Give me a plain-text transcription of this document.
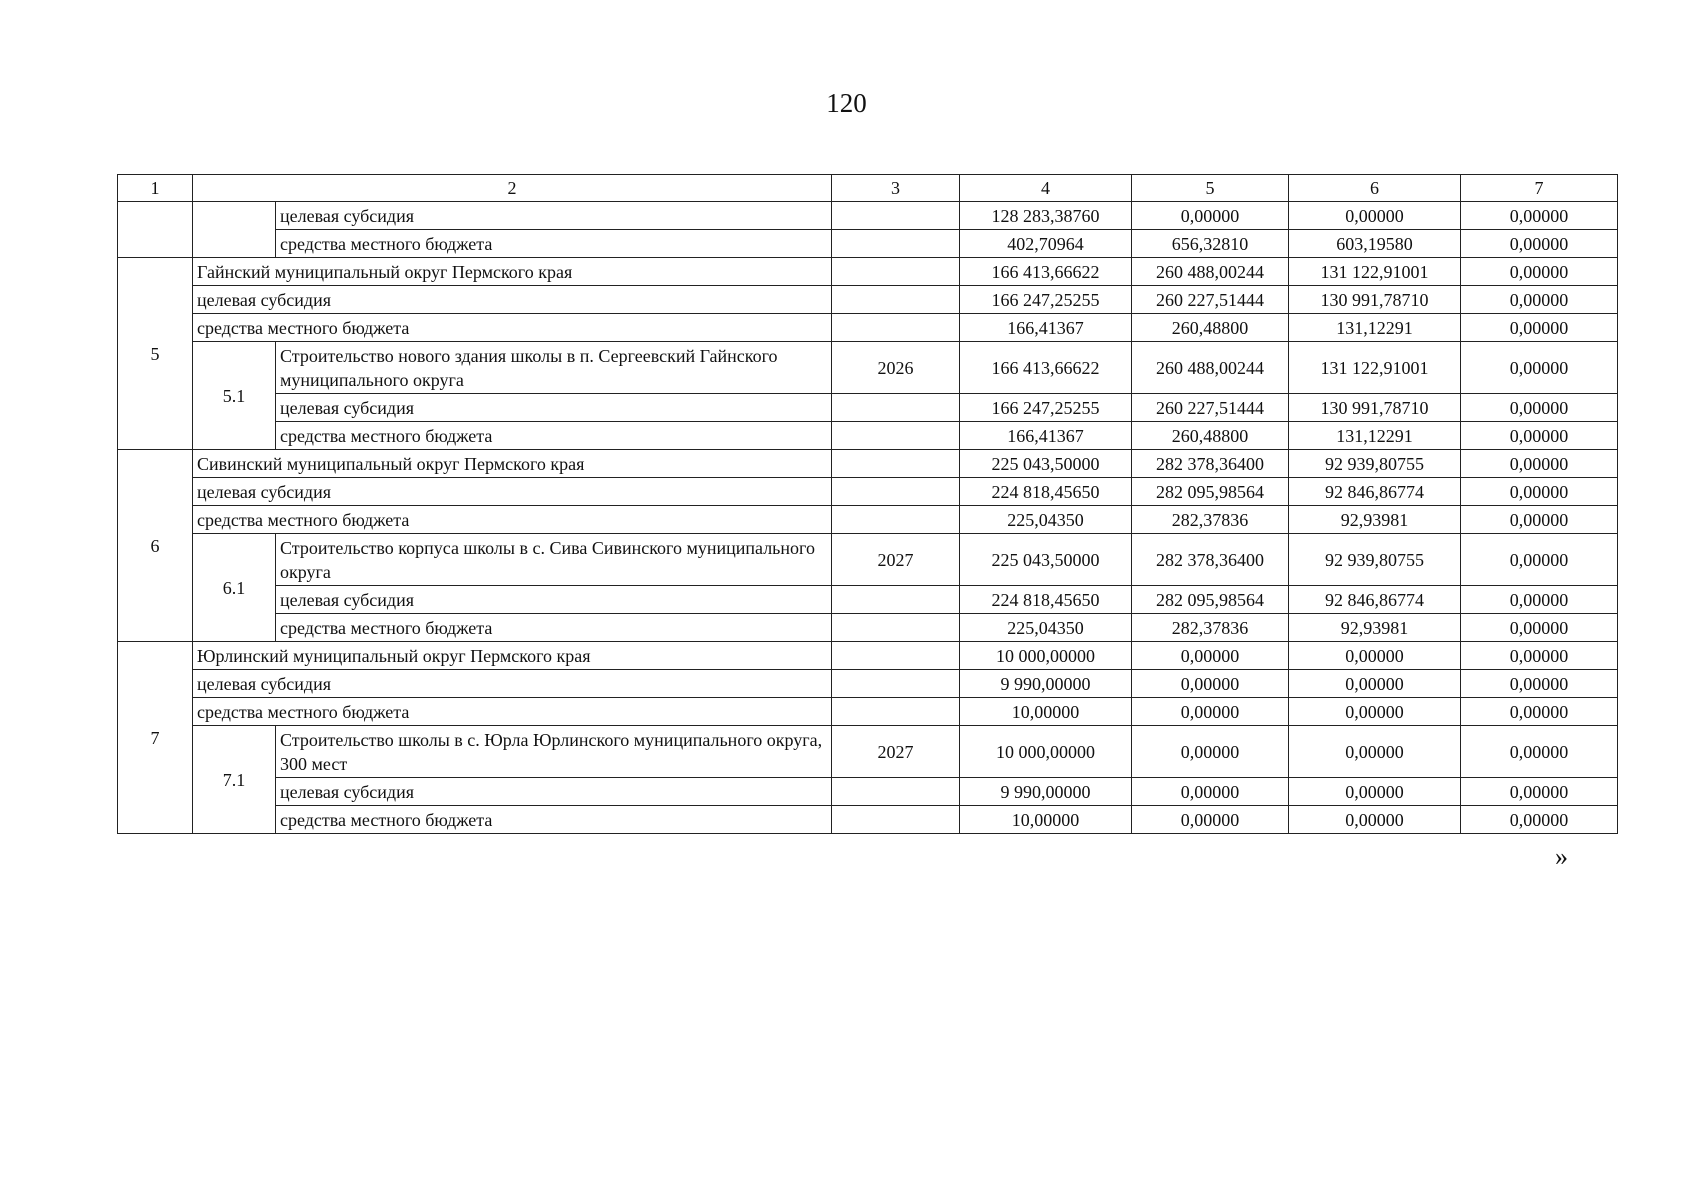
120
1	2		3	4	5	6	7
		целевая субсидия		128 283,38760	0,00000	0,00000	0,00000
		средства местного бюджета		402,70964	656,32810	603,19580	0,00000
5	Гайнский муниципальный округ Пермского края			166 413,66622	260 488,00244	131 122,91001	0,00000
	целевая субсидия			166 247,25255	260 227,51444	130 991,78710	0,00000
	средства местного бюджета			166,41367	260,48800	131,12291	0,00000
	5.1	Строительство нового здания школы в п. Сергеевский Гайнского муниципального округа	2026	166 413,66622	260 488,00244	131 122,91001	0,00000
		целевая субсидия		166 247,25255	260 227,51444	130 991,78710	0,00000
		средства местного бюджета		166,41367	260,48800	131,12291	0,00000
6	Сивинский муниципальный округ Пермского края			225 043,50000	282 378,36400	92 939,80755	0,00000
	целевая субсидия			224 818,45650	282 095,98564	92 846,86774	0,00000
	средства местного бюджета			225,04350	282,37836	92,93981	0,00000
	6.1	Строительство корпуса школы в с. Сива Сивинского муниципального округа	2027	225 043,50000	282 378,36400	92 939,80755	0,00000
		целевая субсидия		224 818,45650	282 095,98564	92 846,86774	0,00000
		средства местного бюджета		225,04350	282,37836	92,93981	0,00000
7	Юрлинский муниципальный округ Пермского края			10 000,00000	0,00000	0,00000	0,00000
	целевая субсидия			9 990,00000	0,00000	0,00000	0,00000
	средства местного бюджета			10,00000	0,00000	0,00000	0,00000
	7.1	Строительство школы в с. Юрла Юрлинского муниципального округа, 300 мест	2027	10 000,00000	0,00000	0,00000	0,00000
		целевая субсидия		9 990,00000	0,00000	0,00000	0,00000
		средства местного бюджета		10,00000	0,00000	0,00000	0,00000
»
